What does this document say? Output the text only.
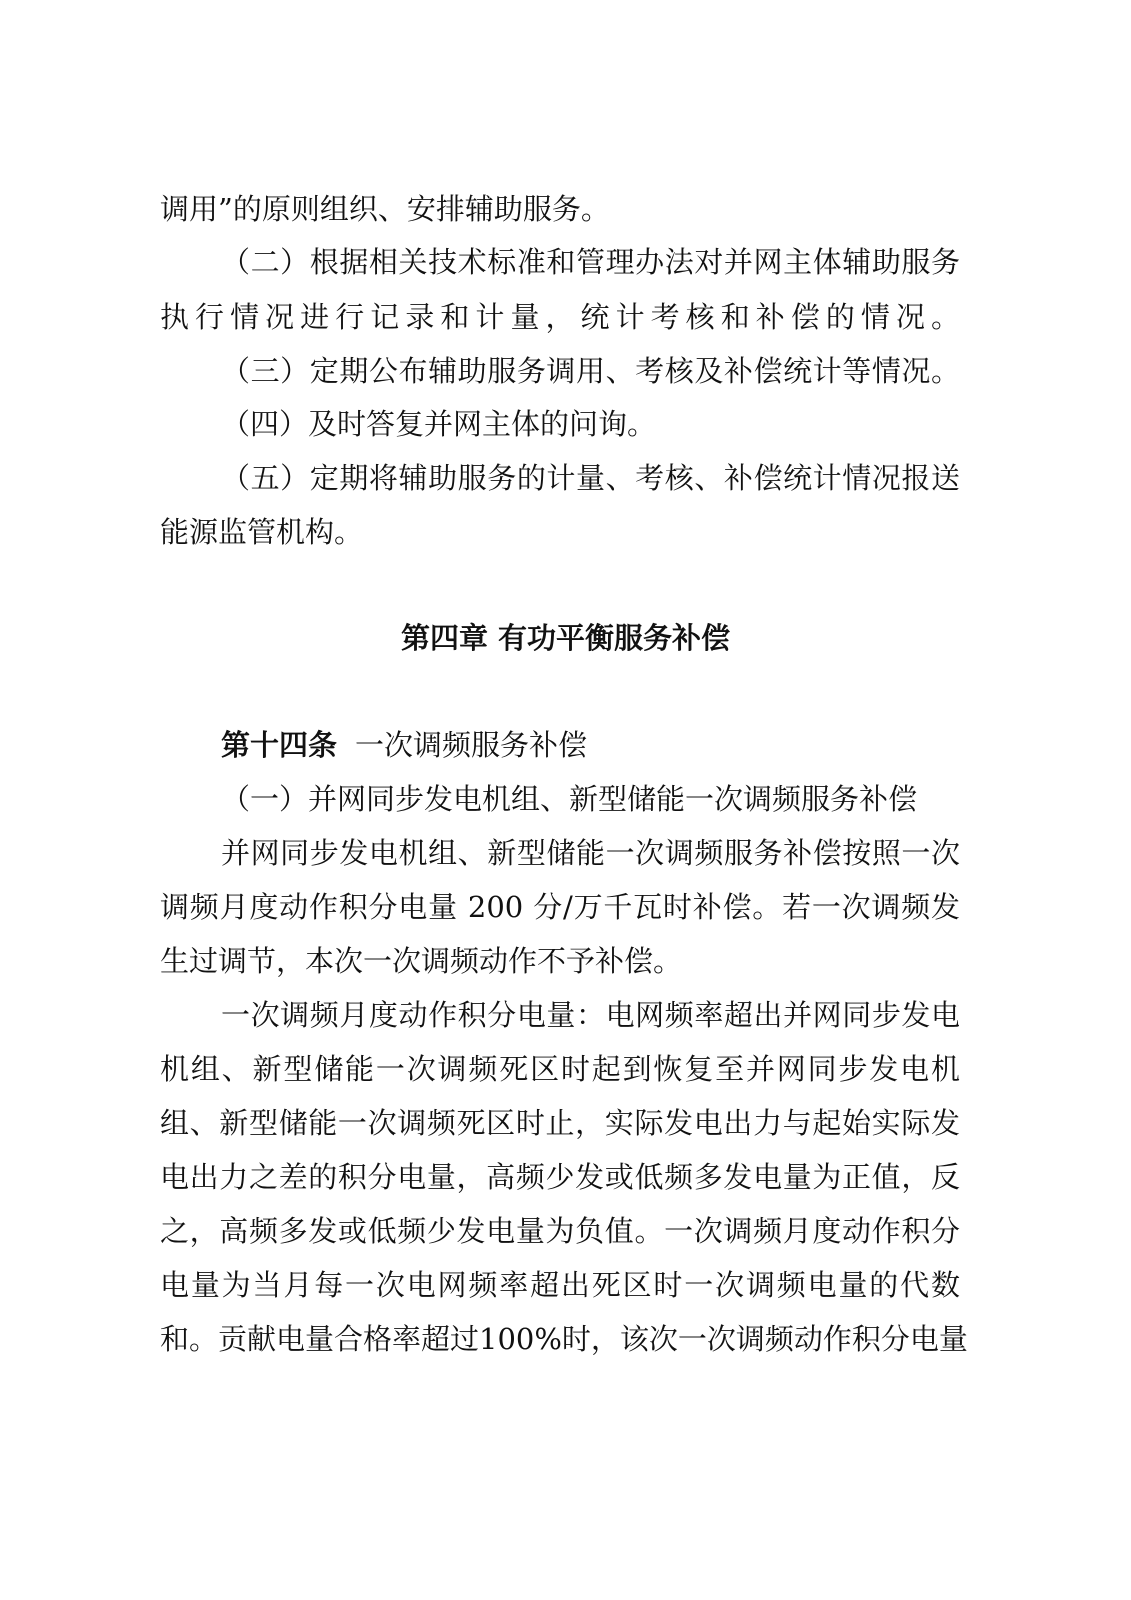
调用”的原则组织、安排辅助服务。
（二）根据相关技术标准和管理办法对并网主体辅助服务
执行情况进行记录和计量，统计考核和补偿的情况。
（三）定期公布辅助服务调用、考核及补偿统计等情况。
（四）及时答复并网主体的问询。
（五）定期将辅助服务的计量、考核、补偿统计情况报送
能源监管机构。
第四章 有功平衡服务补偿
第十四条 一次调频服务补偿
（一）并网同步发电机组、新型储能一次调频服务补偿
并网同步发电机组、新型储能一次调频服务补偿按照一次
调频月度动作积分电量 200 分/万千瓦时补偿。若一次调频发
生过调节，本次一次调频动作不予补偿。
一次调频月度动作积分电量：电网频率超出并网同步发电
机组、新型储能一次调频死区时起到恢复至并网同步发电机
组、新型储能一次调频死区时止，实际发电出力与起始实际发
电出力之差的积分电量，高频少发或低频多发电量为正值，反
之，高频多发或低频少发电量为负值。一次调频月度动作积分
电量为当月每一次电网频率超出死区时一次调频电量的代数
和。贡献电量合格率超过100%时，该次一次调频动作积分电量
